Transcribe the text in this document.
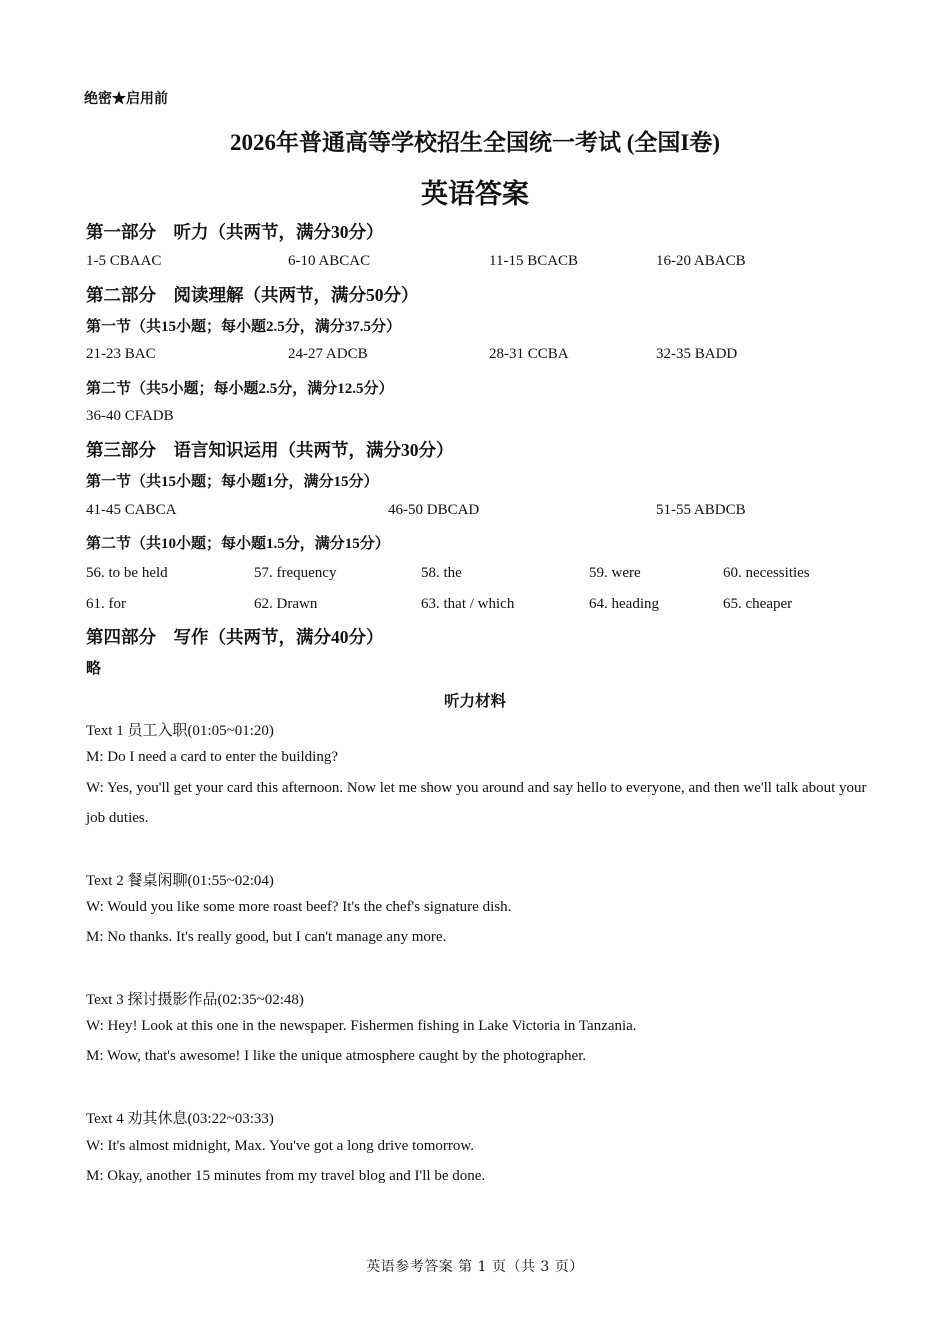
绝密★启用前
2026年普通高等学校招生全国统一考试 (全国I卷)
英语答案
第一部分　听力（共两节，满分30分）
1-5 CBAAC	6-10 ABCAC	11-15 BCACB	16-20 ABACB
第二部分　阅读理解（共两节，满分50分）
第一节（共15小题；每小题2.5分，满分37.5分）
21-23 BAC	24-27 ADCB	28-31 CCBA	32-35 BADD
第二节（共5小题；每小题2.5分，满分12.5分）
36-40 CFADB
第三部分　语言知识运用（共两节，满分30分）
第一节（共15小题；每小题1分，满分15分）
41-45 CABCA	46-50 DBCAD	51-55 ABDCB
第二节（共10小题；每小题1.5分，满分15分）
56. to be held	57. frequency	58. the	59. were	60. necessities
61. for	62. Drawn	63. that / which	64. heading	65. cheaper
第四部分　写作（共两节，满分40分）
略
听力材料
Text 1 员工入职(01:05~01:20)
M: Do I need a card to enter the building?
W: Yes, you'll get your card this afternoon. Now let me show you around and say hello to everyone, and then we'll talk about your job duties.
Text 2 餐桌闲聊(01:55~02:04)
W: Would you like some more roast beef? It's the chef's signature dish.
M: No thanks. It's really good, but I can't manage any more.
Text 3 探讨摄影作品(02:35~02:48)
W: Hey! Look at this one in the newspaper. Fishermen fishing in Lake Victoria in Tanzania.
M: Wow, that's awesome! I like the unique atmosphere caught by the photographer.
Text 4 劝其休息(03:22~03:33)
W: It's almost midnight, Max. You've got a long drive tomorrow.
M: Okay, another 15 minutes from my travel blog and I'll be done.
英语参考答案 第 1 页（共 3 页）
